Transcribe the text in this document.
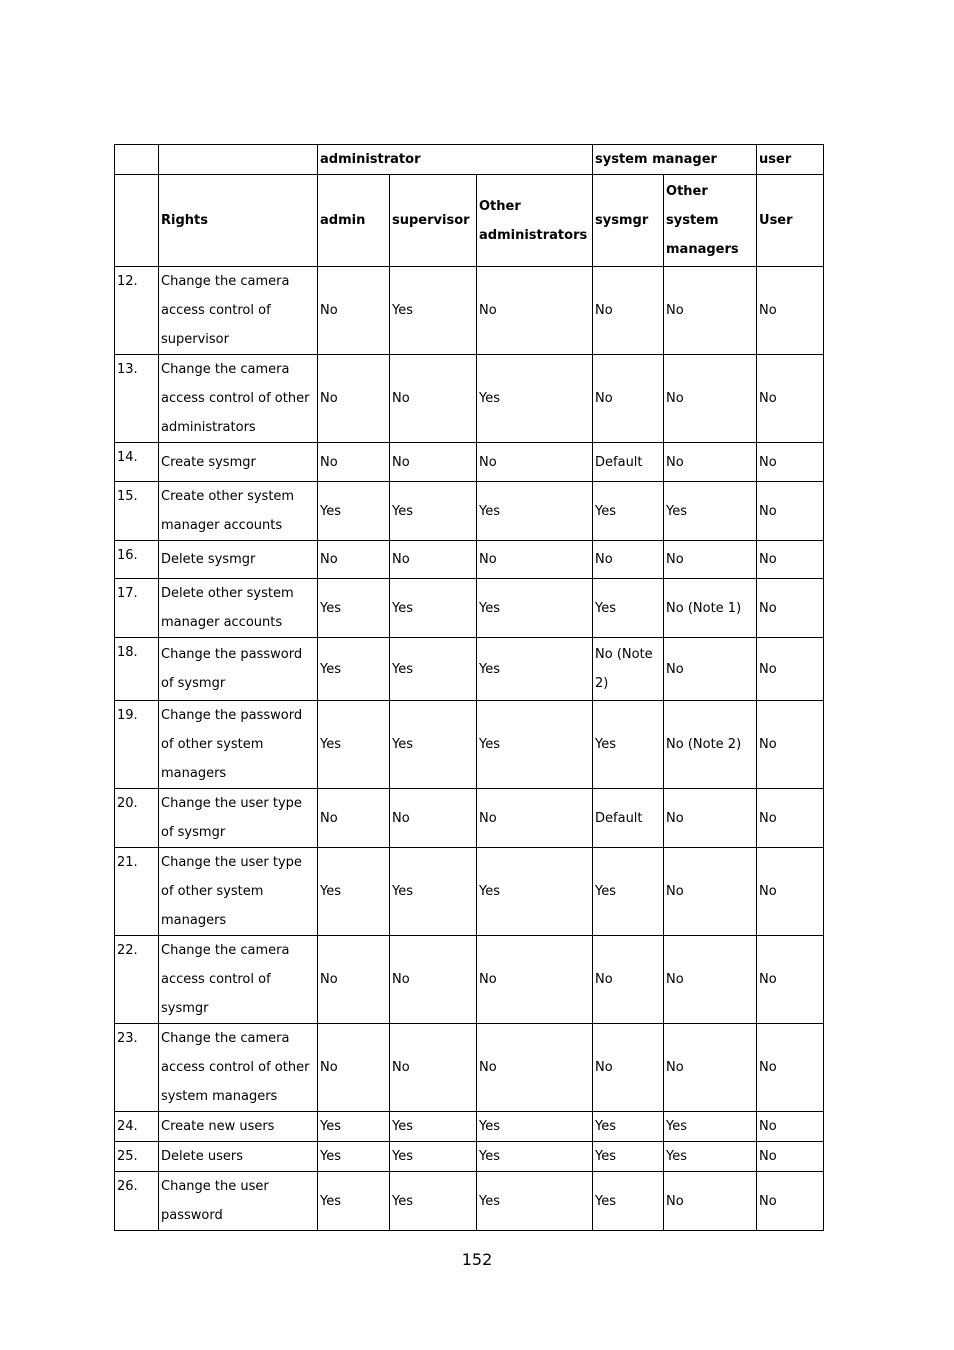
		administrator			system manager		user
	Rights	admin	supervisor	Other administrators	sysmgr	Other system managers	User
12.	Change the camera access control of supervisor	No	Yes	No	No	No	No
13.	Change the camera access control of other administrators	No	No	Yes	No	No	No
14.	Create sysmgr	No	No	No	Default	No	No
15.	Create other system manager accounts	Yes	Yes	Yes	Yes	Yes	No
16.	Delete sysmgr	No	No	No	No	No	No
17.	Delete other system manager accounts	Yes	Yes	Yes	Yes	No (Note 1)	No
18.	Change the password of sysmgr	Yes	Yes	Yes	No (Note 2)	No	No
19.	Change the password of other system managers	Yes	Yes	Yes	Yes	No (Note 2)	No
20.	Change the user type of sysmgr	No	No	No	Default	No	No
21.	Change the user type of other system managers	Yes	Yes	Yes	Yes	No	No
22.	Change the camera access control of sysmgr	No	No	No	No	No	No
23.	Change the camera access control of other system managers	No	No	No	No	No	No
24.	Create new users	Yes	Yes	Yes	Yes	Yes	No
25.	Delete users	Yes	Yes	Yes	Yes	Yes	No
26.	Change the user password	Yes	Yes	Yes	Yes	No	No
152
